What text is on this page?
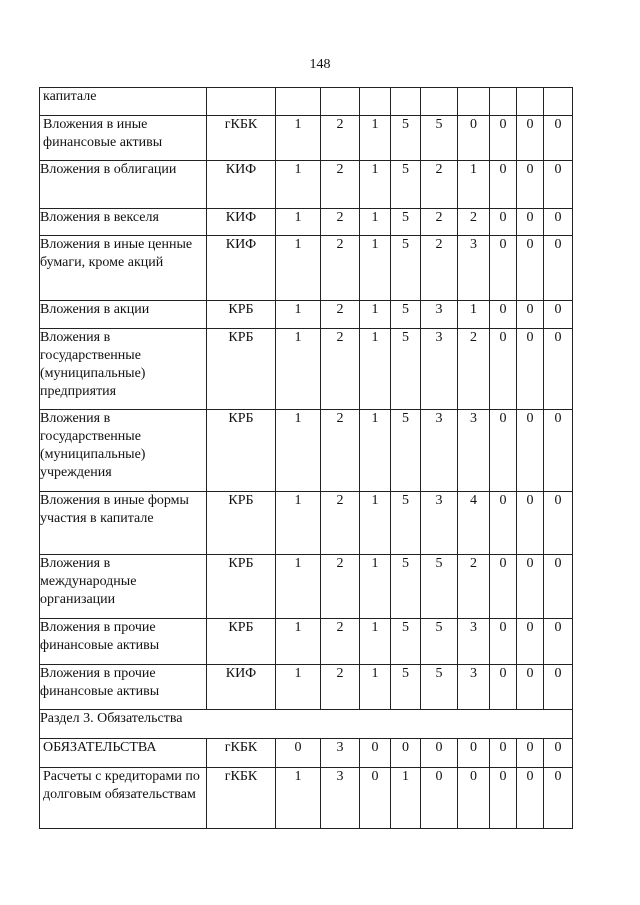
148
капитале										
Вложения в иные финансовые активы	гКБК	1	2	1	5	5	0	0	0	0
Вложения в облигации	КИФ	1	2	1	5	2	1	0	0	0
Вложения в векселя	КИФ	1	2	1	5	2	2	0	0	0
Вложения в иные ценные бумаги, кроме акций	КИФ	1	2	1	5	2	3	0	0	0
Вложения в акции	КРБ	1	2	1	5	3	1	0	0	0
Вложения в государственные (муниципальные) предприятия	КРБ	1	2	1	5	3	2	0	0	0
Вложения в государственные (муниципальные) учреждения	КРБ	1	2	1	5	3	3	0	0	0
Вложения в иные формы участия в капитале	КРБ	1	2	1	5	3	4	0	0	0
Вложения в международные организации	КРБ	1	2	1	5	5	2	0	0	0
Вложения в прочие финансовые активы	КРБ	1	2	1	5	5	3	0	0	0
Вложения в прочие финансовые активы	КИФ	1	2	1	5	5	3	0	0	0
Раздел 3. Обязательства										
ОБЯЗАТЕЛЬСТВА	гКБК	0	3	0	0	0	0	0	0	0
Расчеты с кредиторами по долговым обязательствам	гКБК	1	3	0	1	0	0	0	0	0
